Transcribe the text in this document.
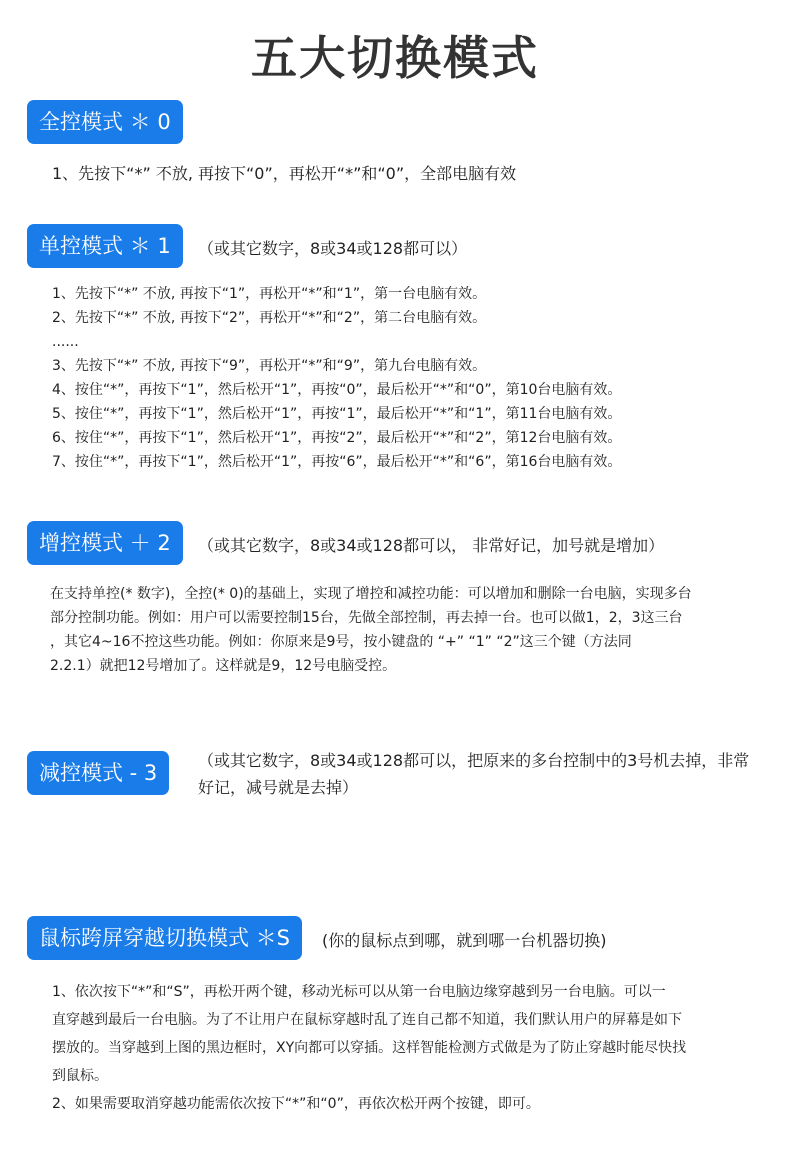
五大切换模式
全控模式 ＊ 0
1、先按下“*” 不放, 再按下“0”，再松开“*”和“0”，全部电脑有效
单控模式 ＊ 1	（或其它数字，8或34或128都可以）
1、先按下“*” 不放, 再按下“1”，再松开“*”和“1”，第一台电脑有效。
2、先按下“*” 不放, 再按下“2”，再松开“*”和“2”，第二台电脑有效。
......
3、先按下“*” 不放, 再按下“9”，再松开“*”和“9”，第九台电脑有效。
4、按住“*”，再按下“1”，然后松开“1”，再按“0”，最后松开“*”和“0”，第10台电脑有效。
5、按住“*”，再按下“1”，然后松开“1”，再按“1”，最后松开“*”和“1”，第11台电脑有效。
6、按住“*”，再按下“1”，然后松开“1”，再按“2”，最后松开“*”和“2”，第12台电脑有效。
7、按住“*”，再按下“1”，然后松开“1”，再按“6”，最后松开“*”和“6”，第16台电脑有效。
增控模式 ＋ 2	（或其它数字，8或34或128都可以， 非常好记，加号就是增加）
在支持单控(* 数字)，全控(* 0)的基础上，实现了增控和减控功能：可以增加和删除一台电脑，实现多台
部分控制功能。例如：用户可以需要控制15台，先做全部控制，再去掉一台。也可以做1，2，3这三台
，其它4~16不控这些功能。例如：你原来是9号，按小键盘的 “+” “1” “2”这三个键（方法同
2.2.1）就把12号增加了。这样就是9，12号电脑受控。
减控模式 - 3
（或其它数字，8或34或128都可以，把原来的多台控制中的3号机去掉，非常好记，减号就是去掉）
鼠标跨屏穿越切换模式 ＊S	(你的鼠标点到哪，就到哪一台机器切换)
1、依次按下“*”和“S”，再松开两个键，移动光标可以从第一台电脑边缘穿越到另一台电脑。可以一
直穿越到最后一台电脑。为了不让用户在鼠标穿越时乱了连自己都不知道，我们默认用户的屏幕是如下
摆放的。当穿越到上图的黑边框时，XY向都可以穿插。这样智能检测方式做是为了防止穿越时能尽快找
到鼠标。
2、如果需要取消穿越功能需依次按下“*”和“0”，再依次松开两个按键，即可。
